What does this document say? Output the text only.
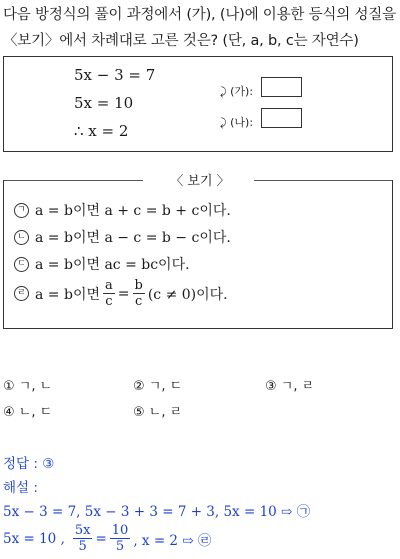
다음 방정식의 풀이 과정에서 (가), (나)에 이용한 등식의 성질을 〈보기〉에서 차례대로 고른 것은? (단, a, b, c는 자연수)
5x − 3 = 7
5x = 10
∴ x = 2
⤸ (가):
⤸ (나):
〈 보기 〉
ㄱ a = b이면 a + c = b + c이다.
ㄴ a = b이면 a − c = b − c이다.
ㄷ a = b이면 ac = bc이다.
ㄹ a = b이면 $\frac{a}{c} = \frac{b}{c} (c \ne 0)$이다.
① ㄱ, ㄴ	② ㄱ, ㄷ	③ ㄱ, ㄹ
④ ㄴ, ㄷ	⑤ ㄴ, ㄹ
정답 : ③
해설 :
5x − 3 = 7, 5x − 3 + 3 = 7 + 3, 5x = 10 ⇨ ㉠
5x = 10 , $\frac{5x}{5} = \frac{10}{5}$ , x = 2 ⇨ ㉣
